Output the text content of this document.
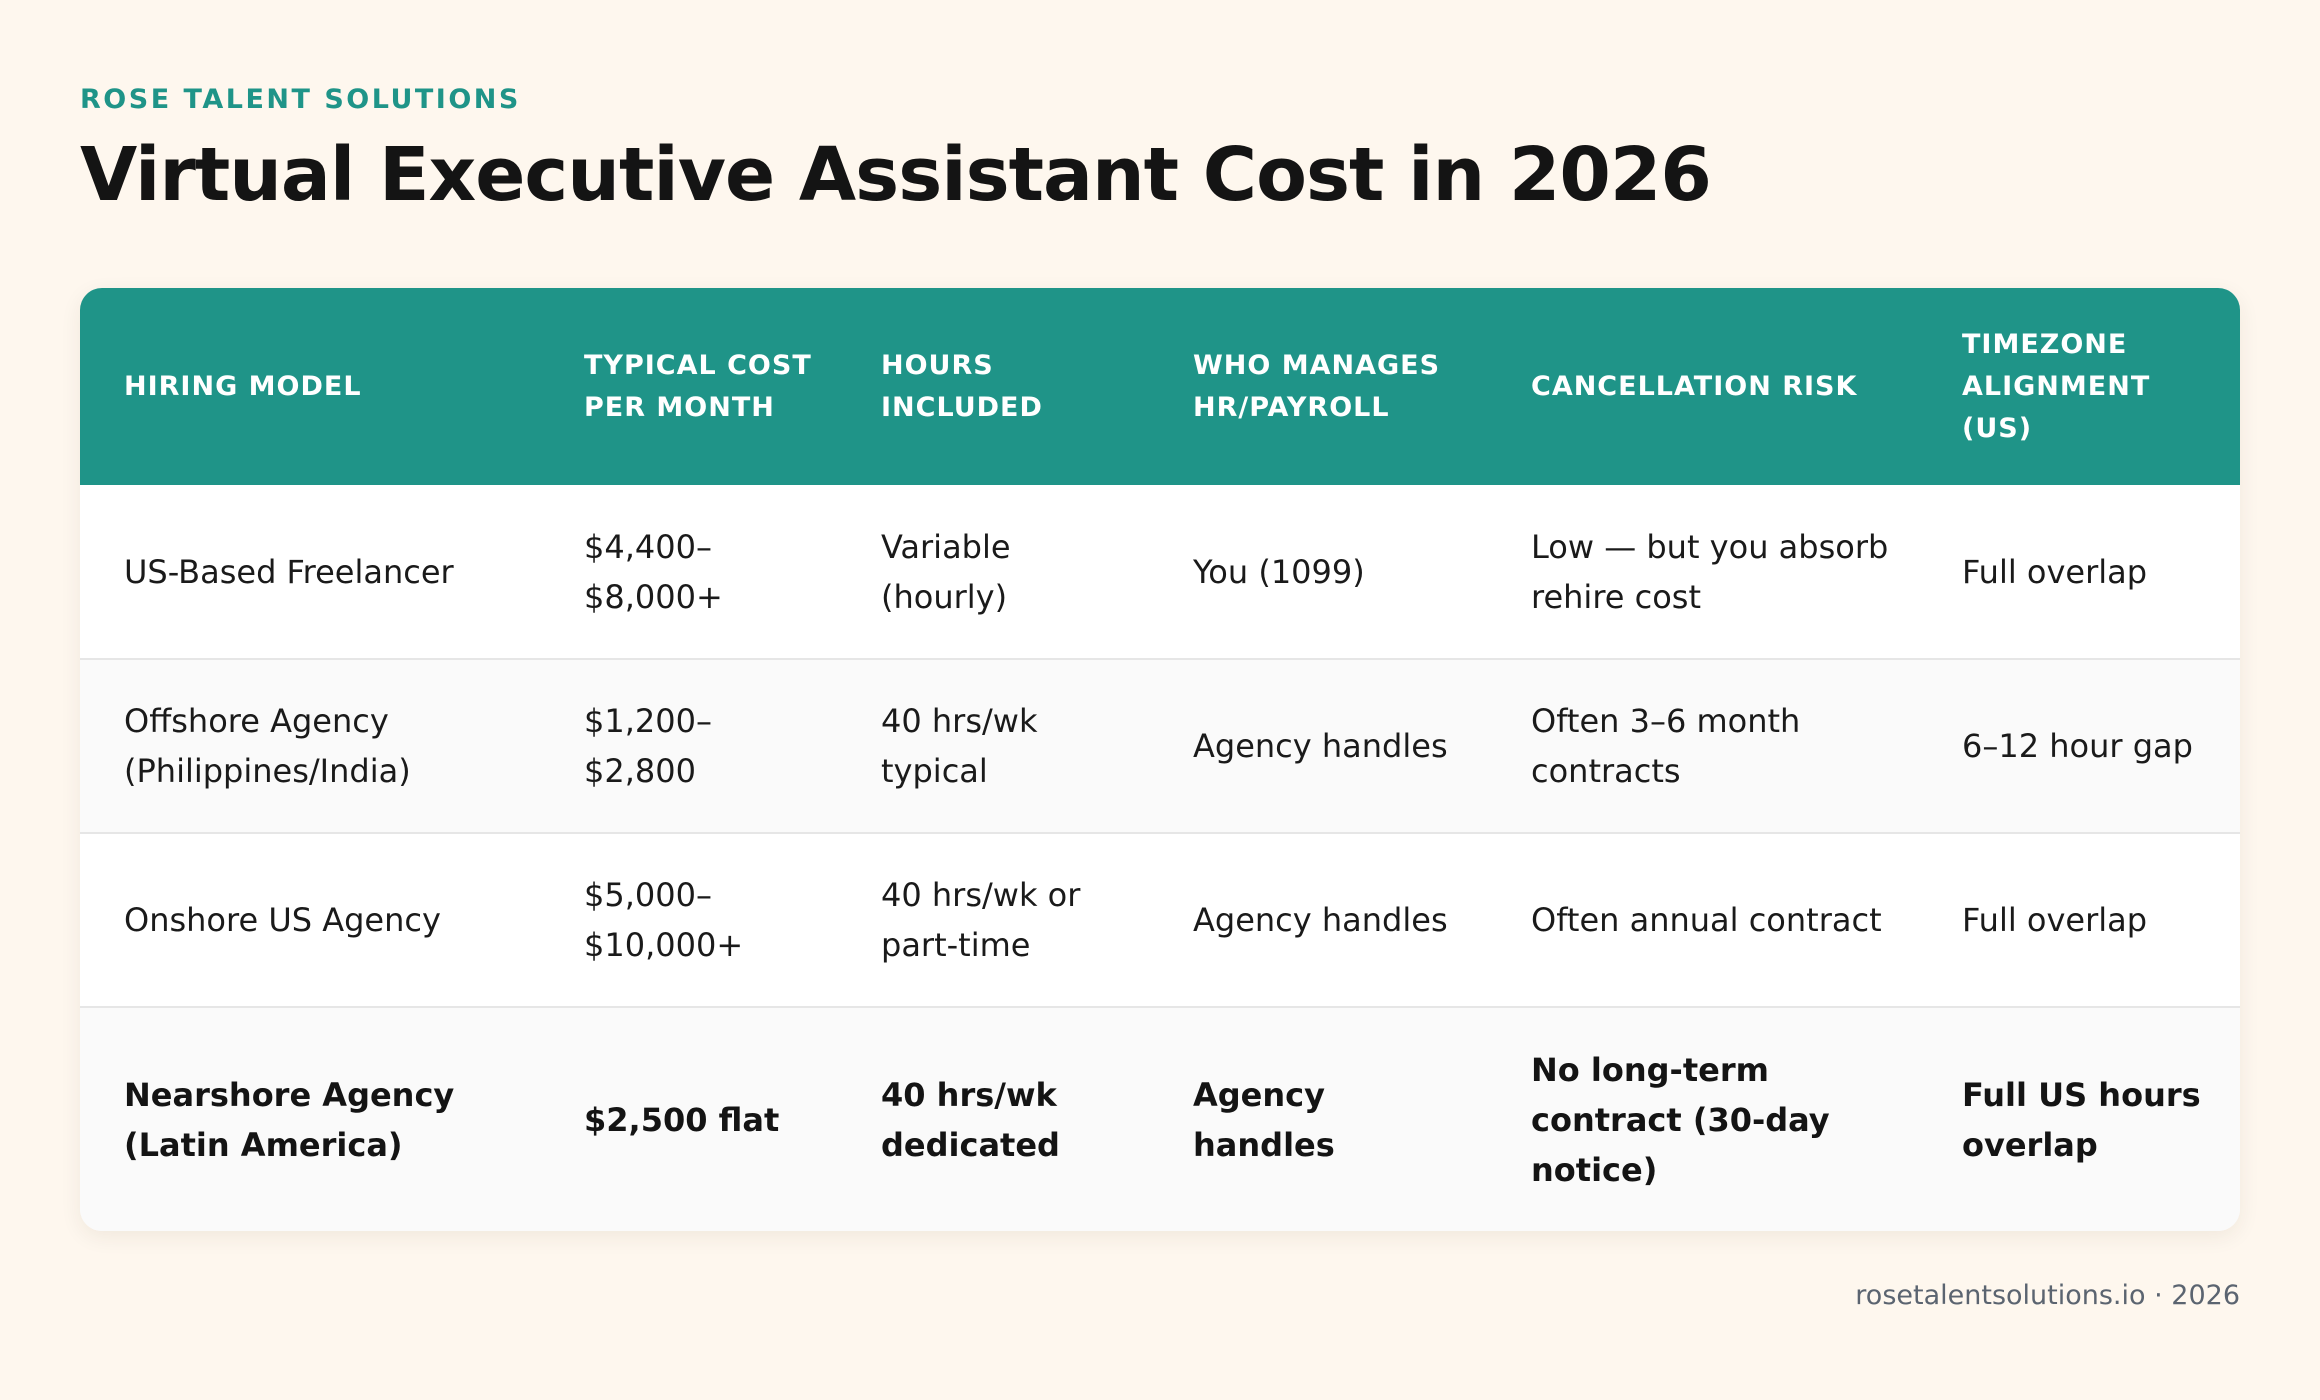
ROSE TALENT SOLUTIONS
Virtual Executive Assistant Cost in 2026
HIRING MODEL	TYPICAL COST PER MONTH	HOURS INCLUDED	WHO MANAGES HR/PAYROLL	CANCELLATION RISK	TIMEZONE ALIGNMENT (US)
US-Based Freelancer	$4,400–$8,000+	Variable (hourly)	You (1099)	Low — but you absorb rehire cost	Full overlap
Offshore Agency (Philippines/India)	$1,200–$2,800	40 hrs/wk typical	Agency handles	Often 3–6 month contracts	6–12 hour gap
Onshore US Agency	$5,000–$10,000+	40 hrs/wk or part-time	Agency handles	Often annual contract	Full overlap
Nearshore Agency (Latin America)	$2,500 flat	40 hrs/wk dedicated	Agency handles	No long-term contract (30-day notice)	Full US hours overlap
rosetalentsolutions.io · 2026
